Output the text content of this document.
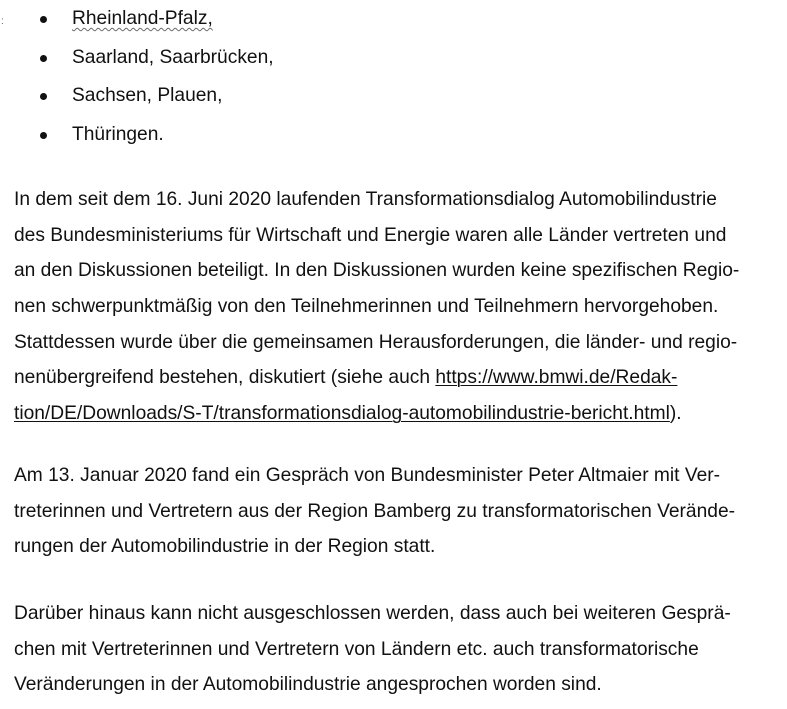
:	Rheinland-Pfalz,
Saarland, Saarbrücken,
Sachsen, Plauen,
Thüringen.

In dem seit dem 16. Juni 2020 laufenden Transformationsdialog Automobilindustrie
des Bundesministeriums für Wirtschaft und Energie waren alle Länder vertreten und
an den Diskussionen beteiligt. In den Diskussionen wurden keine spezifischen Regio-
nen schwerpunktmäßig von den Teilnehmerinnen und Teilnehmern hervorgehoben.
Stattdessen wurde über die gemeinsamen Herausforderungen, die länder- und regio-
nenübergreifend bestehen, diskutiert (siehe auch https://www.bmwi.de/Redak-
tion/DE/Downloads/S-T/transformationsdialog-automobilindustrie-bericht.html).

Am 13. Januar 2020 fand ein Gespräch von Bundesminister Peter Altmaier mit Ver-
treterinnen und Vertretern aus der Region Bamberg zu transformatorischen Verände-
rungen der Automobilindustrie in der Region statt.

Darüber hinaus kann nicht ausgeschlossen werden, dass auch bei weiteren Gesprä-
chen mit Vertreterinnen und Vertretern von Ländern etc. auch transformatorische
Veränderungen in der Automobilindustrie angesprochen worden sind.
